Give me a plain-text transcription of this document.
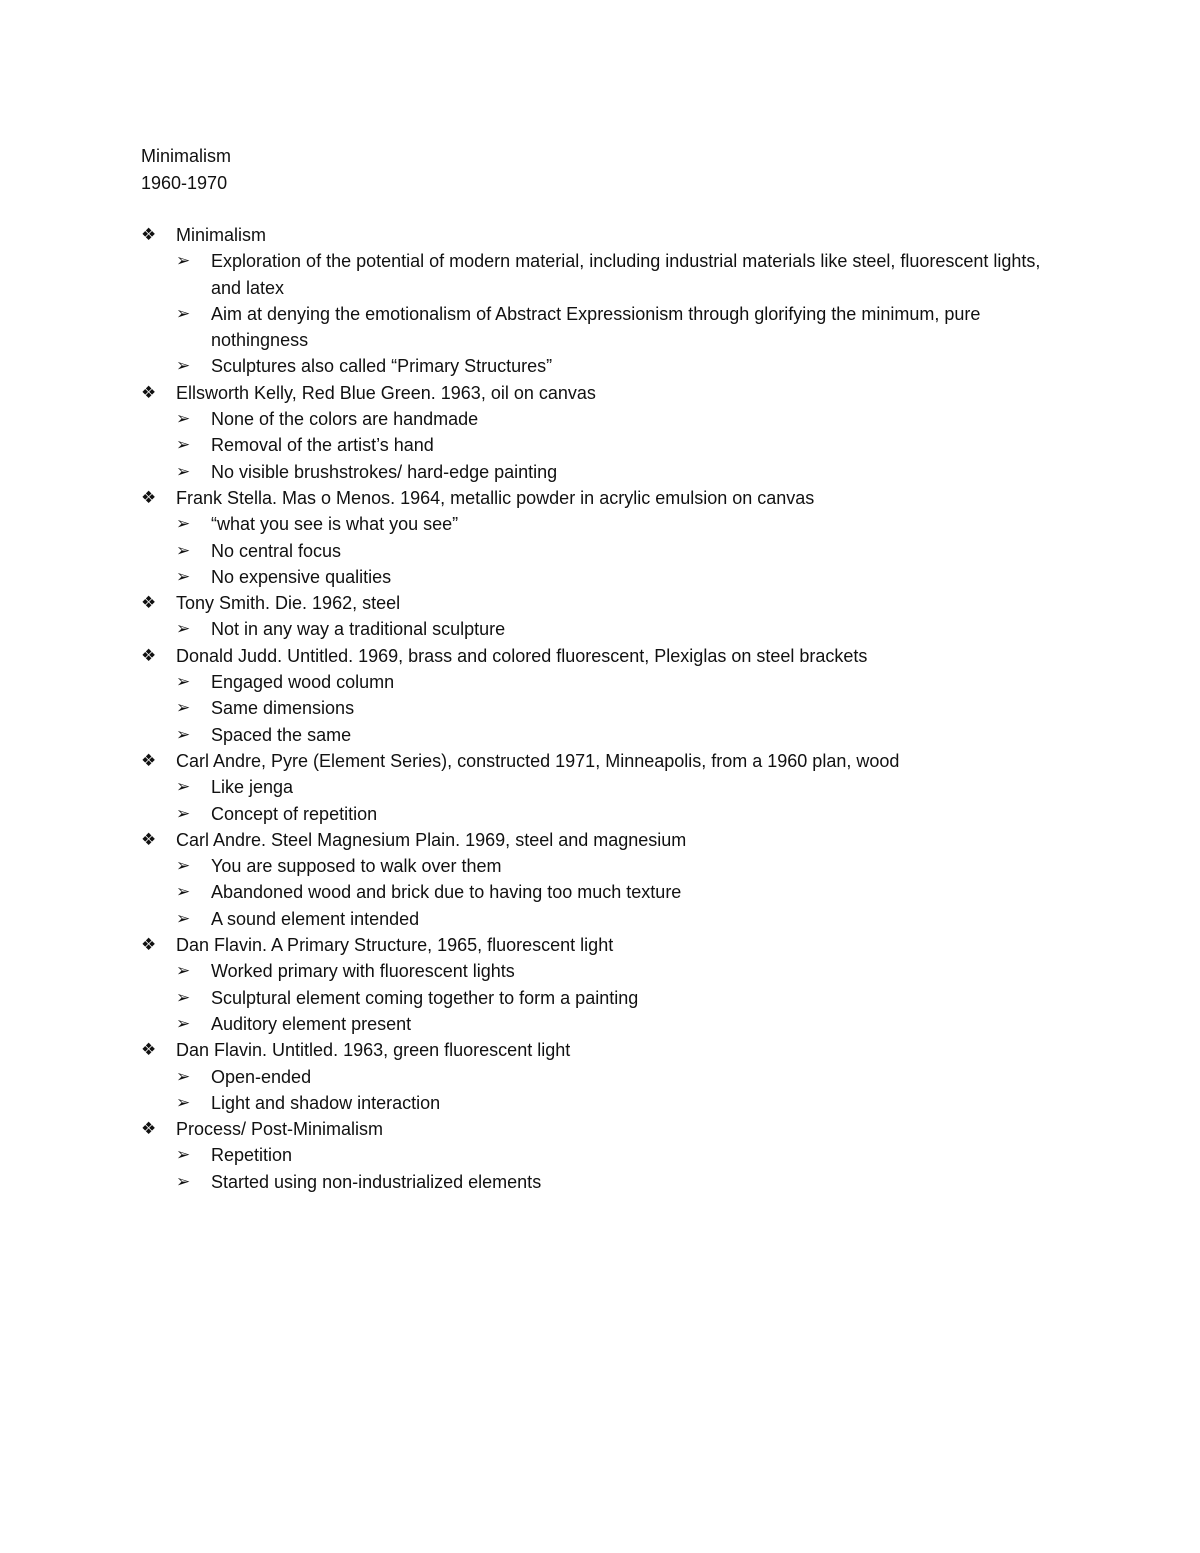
Minimalism
1960-1970
❖ Minimalism
➢ Exploration of the potential of modern material, including industrial materials like steel, fluorescent lights, and latex
➢ Aim at denying the emotionalism of Abstract Expressionism through glorifying the minimum, pure nothingness
➢ Sculptures also called “Primary Structures”
❖ Ellsworth Kelly, Red Blue Green. 1963, oil on canvas
➢ None of the colors are handmade
➢ Removal of the artist’s hand
➢ No visible brushstrokes/ hard-edge painting
❖ Frank Stella. Mas o Menos. 1964, metallic powder in acrylic emulsion on canvas
➢ “what you see is what you see”
➢ No central focus
➢ No expensive qualities
❖ Tony Smith. Die. 1962, steel
➢ Not in any way a traditional sculpture
❖ Donald Judd. Untitled. 1969, brass and colored fluorescent, Plexiglas on steel brackets
➢ Engaged wood column
➢ Same dimensions
➢ Spaced the same
❖ Carl Andre, Pyre (Element Series), constructed 1971, Minneapolis, from a 1960 plan, wood
➢ Like jenga
➢ Concept of repetition
❖ Carl Andre. Steel Magnesium Plain. 1969, steel and magnesium
➢ You are supposed to walk over them
➢ Abandoned wood and brick due to having too much texture
➢ A sound element intended
❖ Dan Flavin. A Primary Structure, 1965, fluorescent light
➢ Worked primary with fluorescent lights
➢ Sculptural element coming together to form a painting
➢ Auditory element present
❖ Dan Flavin. Untitled. 1963, green fluorescent light
➢ Open-ended
➢ Light and shadow interaction
❖ Process/ Post-Minimalism
➢ Repetition
➢ Started using non-industrialized elements
